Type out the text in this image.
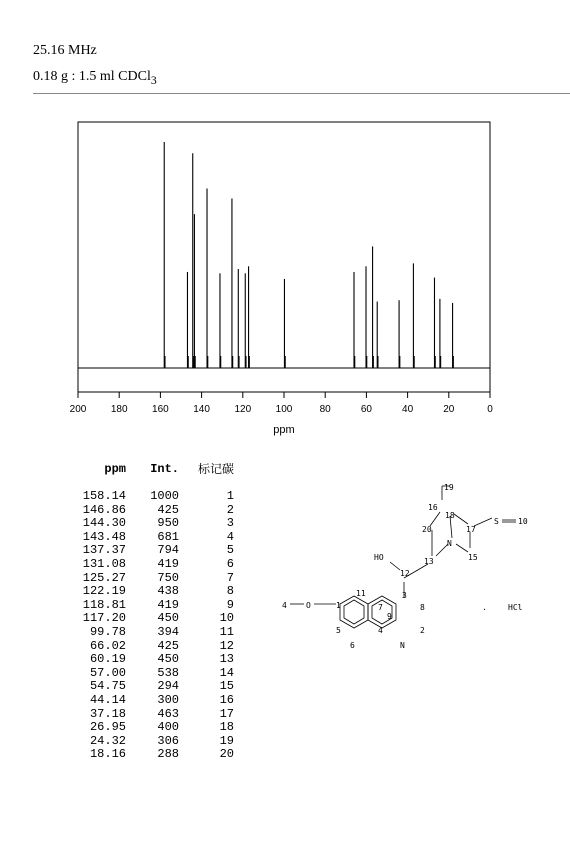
25.16 MHz
0.18 g : 1.5 ml CDCl$_3$
200 180 160 140 120 100	80	60	40	20	0
ppm
ppm	Int.	标记碳
158.14	1000	1
146.86	425	2
144.30	950	3
143.48	681	4
137.37	794	5
131.08	419	6
125.27	750	7
122.19	438	8
118.81	419	9
117.20	450	10
99.78	394	11
66.02	425	12
60.19	450	13
57.00	538	14
54.75	294	15
44.14	300	16
37.18	463	17
26.95	400	18
24.32	306	19
18.16	288	20
19
16
18
S 10
20	17
N
HO	13	15
12
11	3
7	8
4 O	1
5	4	2
6	N
9
.	HCl
